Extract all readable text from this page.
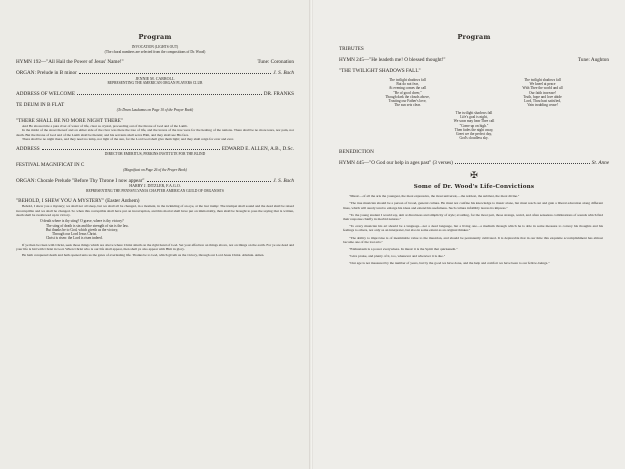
Program
INVOCATION (LIGHTS OUT)
(The choral numbers are selected from the compositions of Dr. Wood)
HYMN 192—"All Hail the Power of Jesus' Name!"	Tune: Coronation
ORGAN: Prelude in B minor	J. S. Bach
JENNIE M. CARROLL
REPRESENTING THE AMERICAN ORGAN PLAYERS CLUB
ADDRESS OF WELCOME	DR. FRANKS
TE DEUM IN B FLAT
(To Drum Laudamus on Page 10 of the Prayer Book)
"THERE SHALL BE NO MORE NIGHT THERE"
And He showed me a pure river of water of life, clear as crystal, proceeding out of the throne of God and of the Lamb.
In the midst of the street thereof and on either side of the river was there the tree of life, and the leaves of the tree were for the healing of the nations. There shall be no more tears, nor pain, nor death. But the throne of God and of the Lamb shall be therein; and his servants shall serve Him, and they shall see His face.
There shall be no night there, and they need no lamp, nor light of the sun, for the Lord God shall give them light; and they shall reign for ever and ever.
ADDRESS	EDWARD E. ALLEN, A.B., D.Sc.
DIRECTOR EMERITUS, PERKINS INSTITUTE FOR THE BLIND
FESTIVAL MAGNIFICAT IN C
(Magnificat on Page 26 of the Prayer Book)
ORGAN: Chorale Prelude "Before Thy Throne I now appear"	J. S. Bach
HARRY J. DITZLER, F.A.G.O.
REPRESENTING THE PENNSYLVANIA CHAPTER AMERICAN GUILD OF ORGANISTS
"BEHOLD, I SHEW YOU A MYSTERY" (Easter Anthem)
Behold, I shew you a mystery; we shall not all sleep, but we shall all be changed, in a moment, in the twinkling of an eye, at the last trump: The trumpet shall sound and the dead shall be raised incorruptible and we shall be changed. So when this corruptible shall have put on incorruption, and this mortal shall have put on immortality, then shall be brought to pass the saying that is written, death shall be swallowed up in victory.
O death where is thy sting? O grave, where is thy victory?
The sting of death is sin and the strength of sin is the law.
But thanks be to God, which giveth us the victory,
Through our Lord Jesus Christ.
Christ is risen: the Lord is risen indeed.
If ye then be risen with Christ, seek those things which are above where Christ sitteth on the right hand of God. Set your affection on things above, not on things on the earth. For ye are dead and your life is hid with Christ in God. When Christ who is our life shall appear, then shall ye also appear with Him in glory.
He hath conquered death and hath opened unto us the gates of everlasting life. Thanks be to God, which giveth us the victory, through our Lord Jesus Christ. Alleluia. Amen.
Program
TRIBUTES
HYMN 245—"He leadeth me! O blessed thought!"	Tune: Aughton
"THE TWILIGHT SHADOWS FALL"
The twilight shadows fall
But do not fear,
At evening comes the call
"Be of good cheer,"
Though dark the clouds above,
Trusting our Father's love,
The sun sets clear.
The twilight shadows fall
We kneel at peace
With Thee the world and all
Our faith increase!
Truth, hope and love abide
Lord, Thou hast satisfied,
Vain troubling cease!
The twilight shadows fall
Life's goal is night,
We soon may hear Thee call
"Come up on high."
Then fades the night away,
Greet we the perfect day,
God's cloudless sky.
BENEDICTION
HYMN 445—"O God our help in ages past" (3 verses)	St. Anne
✠
Some of Dr. Wood's Life-Convictions
"Music—of all the arts the youngest, the most expressive, the most universal,—the noblest, the subtlest, the most divine."
"The true musician should be a person of broad, general culture. He must not confine his knowledge to music alone, but must reach out and gain a liberal education along different lines, which will surely tend to enlarge his ideas and extend his usefulness. Such culture infallibly leaves its impress."
"To the young student I would say, aim at directness and simplicity of style; avoiding, for the most part, those strange, weird, and often senseless combinations of sounds which find their response chiefly in morbid natures."
"To every musician his art should be a language—not a dead language, but a living one—a medium through which he is able in some measure to convey his thoughts and his feelings to others, not only as an interpreter, but also in some extent as an original thinker."
"The ability to improvise is of inestimable value to the musician, and should be persistently cultivated. It is deplorable that in our time this exquisite accomplishment has almost become one of the lost arts."
"Enthusiasm is a power everywhere. In music it is the Spirit that quickeneth."
"Give praise, and plenty of it, too, whenever and wherever it is due."
"Our age is not measured by the number of years, but by the good we have done, and the help and comfort we have been to our fellow-beings."
